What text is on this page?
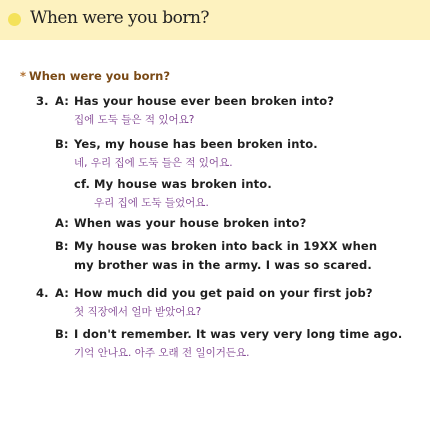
When were you born?
* When were you born?
3. A: Has your house ever been broken into?
집에 도둑 들은 적 있어요?
B: Yes, my house has been broken into.
네, 우리 집에 도둑 들은 적 있어요.
cf. My house was broken into.
우리 집에 도둑 들었어요.
A: When was your house broken into?
B: My house was broken into back in 19XX when
my brother was in the army. I was so scared.
4. A: How much did you get paid on your first job?
첫 직장에서 얼마 받았어요?
B: I don't remember. It was very very long time ago.
기억 안나요. 아주 오래 전 일이거든요.
